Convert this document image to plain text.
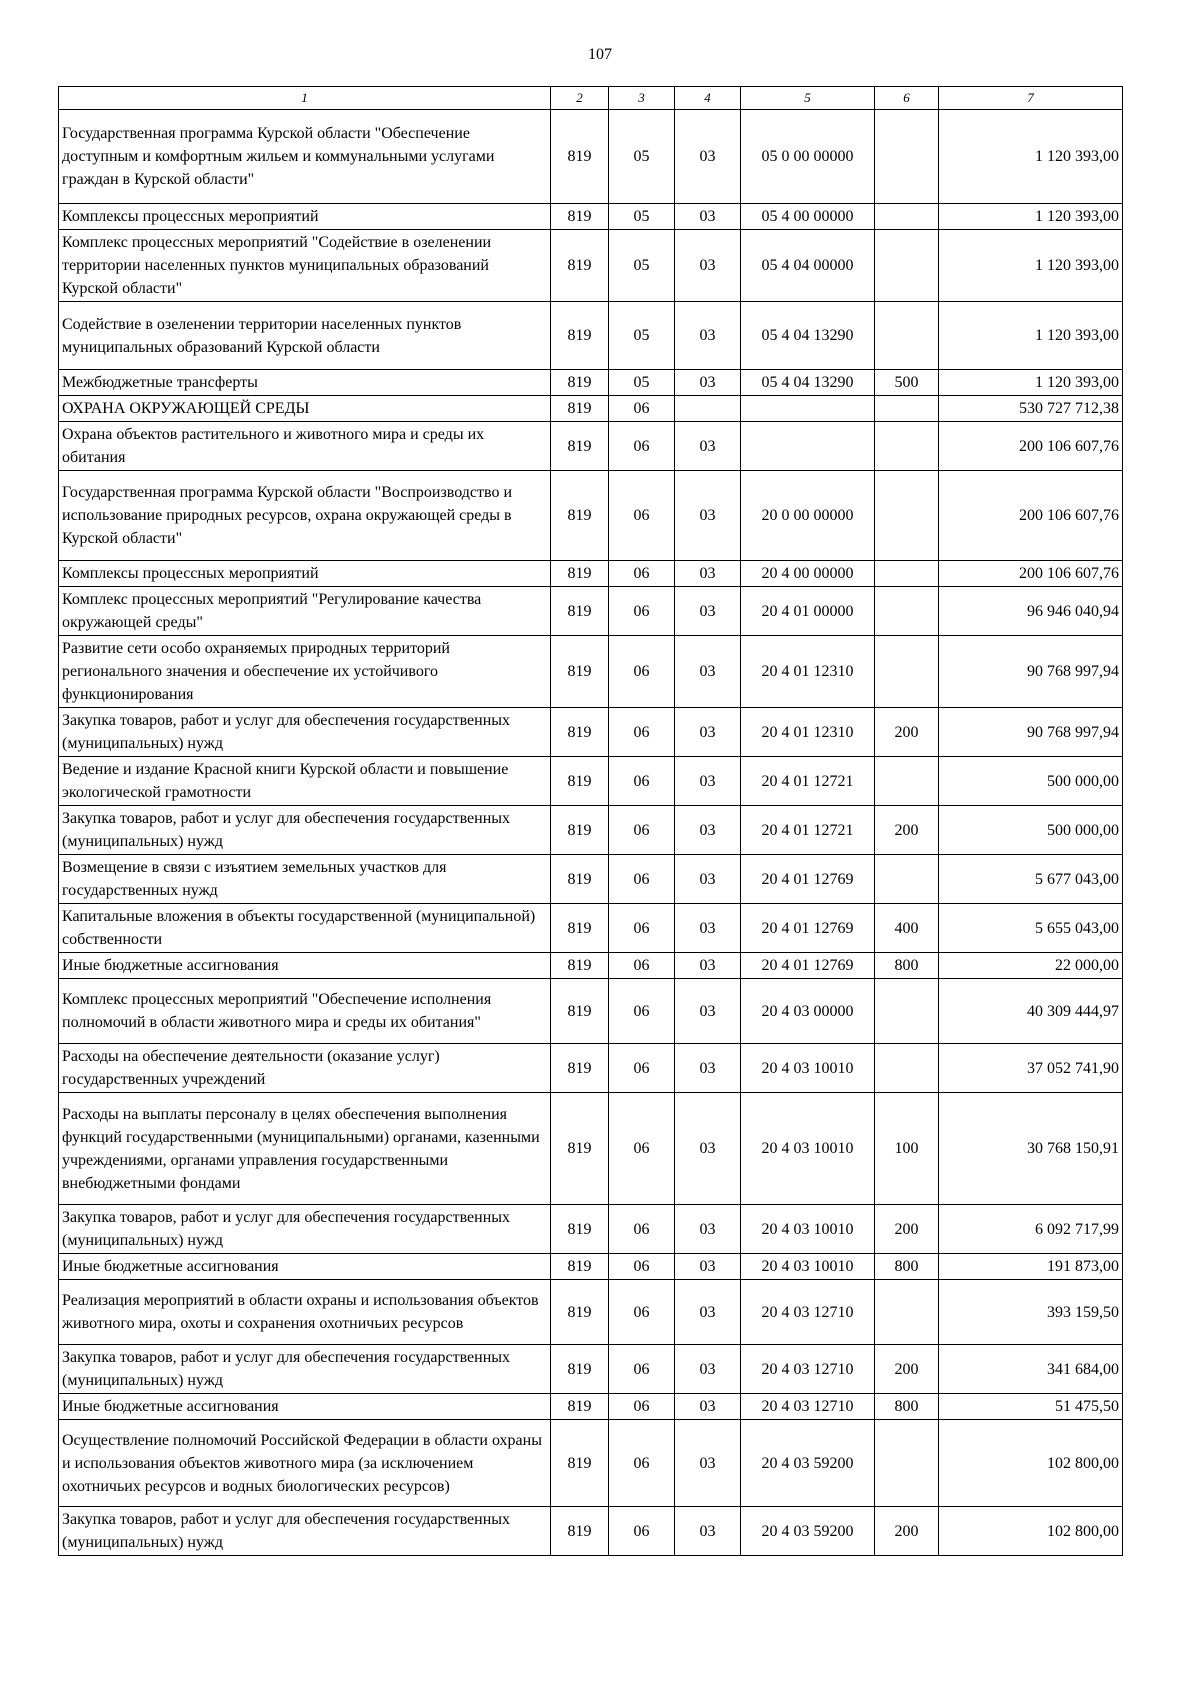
107
1	2	3	4	5	6	7
Государственная программа Курской области "Обеспечение доступным и комфортным жильем и коммунальными услугами граждан в Курской области"	819	05	03	05 0 00 00000		1 120 393,00
Комплексы процессных мероприятий	819	05	03	05 4 00 00000		1 120 393,00
Комплекс процессных мероприятий "Содействие в озеленении территории населенных пунктов муниципальных образований Курской области"	819	05	03	05 4 04 00000		1 120 393,00
Содействие в озеленении территории населенных пунктов муниципальных образований Курской области	819	05	03	05 4 04 13290		1 120 393,00
Межбюджетные трансферты	819	05	03	05 4 04 13290	500	1 120 393,00
ОХРАНА ОКРУЖАЮЩЕЙ СРЕДЫ	819	06				530 727 712,38
Охрана объектов растительного и животного мира и среды их обитания	819	06	03			200 106 607,76
Государственная программа Курской области "Воспроизводство и использование природных ресурсов, охрана окружающей среды в Курской области"	819	06	03	20 0 00 00000		200 106 607,76
Комплексы процессных мероприятий	819	06	03	20 4 00 00000		200 106 607,76
Комплекс процессных мероприятий "Регулирование качества окружающей среды"	819	06	03	20 4 01 00000		96 946 040,94
Развитие сети особо охраняемых природных территорий регионального значения и обеспечение их устойчивого функционирования	819	06	03	20 4 01 12310		90 768 997,94
Закупка товаров, работ и услуг для обеспечения государственных (муниципальных) нужд	819	06	03	20 4 01 12310	200	90 768 997,94
Ведение и издание Красной книги Курской области и повышение экологической грамотности	819	06	03	20 4 01 12721		500 000,00
Закупка товаров, работ и услуг для обеспечения государственных (муниципальных) нужд	819	06	03	20 4 01 12721	200	500 000,00
Возмещение в связи с изъятием земельных участков для государственных нужд	819	06	03	20 4 01 12769		5 677 043,00
Капитальные вложения в объекты государственной (муниципальной) собственности	819	06	03	20 4 01 12769	400	5 655 043,00
Иные бюджетные ассигнования	819	06	03	20 4 01 12769	800	22 000,00
Комплекс процессных мероприятий "Обеспечение исполнения полномочий в области животного мира и среды их обитания"	819	06	03	20 4 03 00000		40 309 444,97
Расходы на обеспечение деятельности (оказание услуг) государственных учреждений	819	06	03	20 4 03 10010		37 052 741,90
Расходы на выплаты персоналу в целях обеспечения выполнения функций государственными (муниципальными) органами, казенными учреждениями, органами управления государственными внебюджетными фондами	819	06	03	20 4 03 10010	100	30 768 150,91
Закупка товаров, работ и услуг для обеспечения государственных (муниципальных) нужд	819	06	03	20 4 03 10010	200	6 092 717,99
Иные бюджетные ассигнования	819	06	03	20 4 03 10010	800	191 873,00
Реализация мероприятий в области охраны и использования объектов животного мира, охоты и сохранения охотничьих ресурсов	819	06	03	20 4 03 12710		393 159,50
Закупка товаров, работ и услуг для обеспечения государственных (муниципальных) нужд	819	06	03	20 4 03 12710	200	341 684,00
Иные бюджетные ассигнования	819	06	03	20 4 03 12710	800	51 475,50
Осуществление полномочий Российской Федерации в области охраны и использования объектов животного мира (за исключением охотничьих ресурсов и водных биологических ресурсов)	819	06	03	20 4 03 59200		102 800,00
Закупка товаров, работ и услуг для обеспечения государственных (муниципальных) нужд	819	06	03	20 4 03 59200	200	102 800,00
